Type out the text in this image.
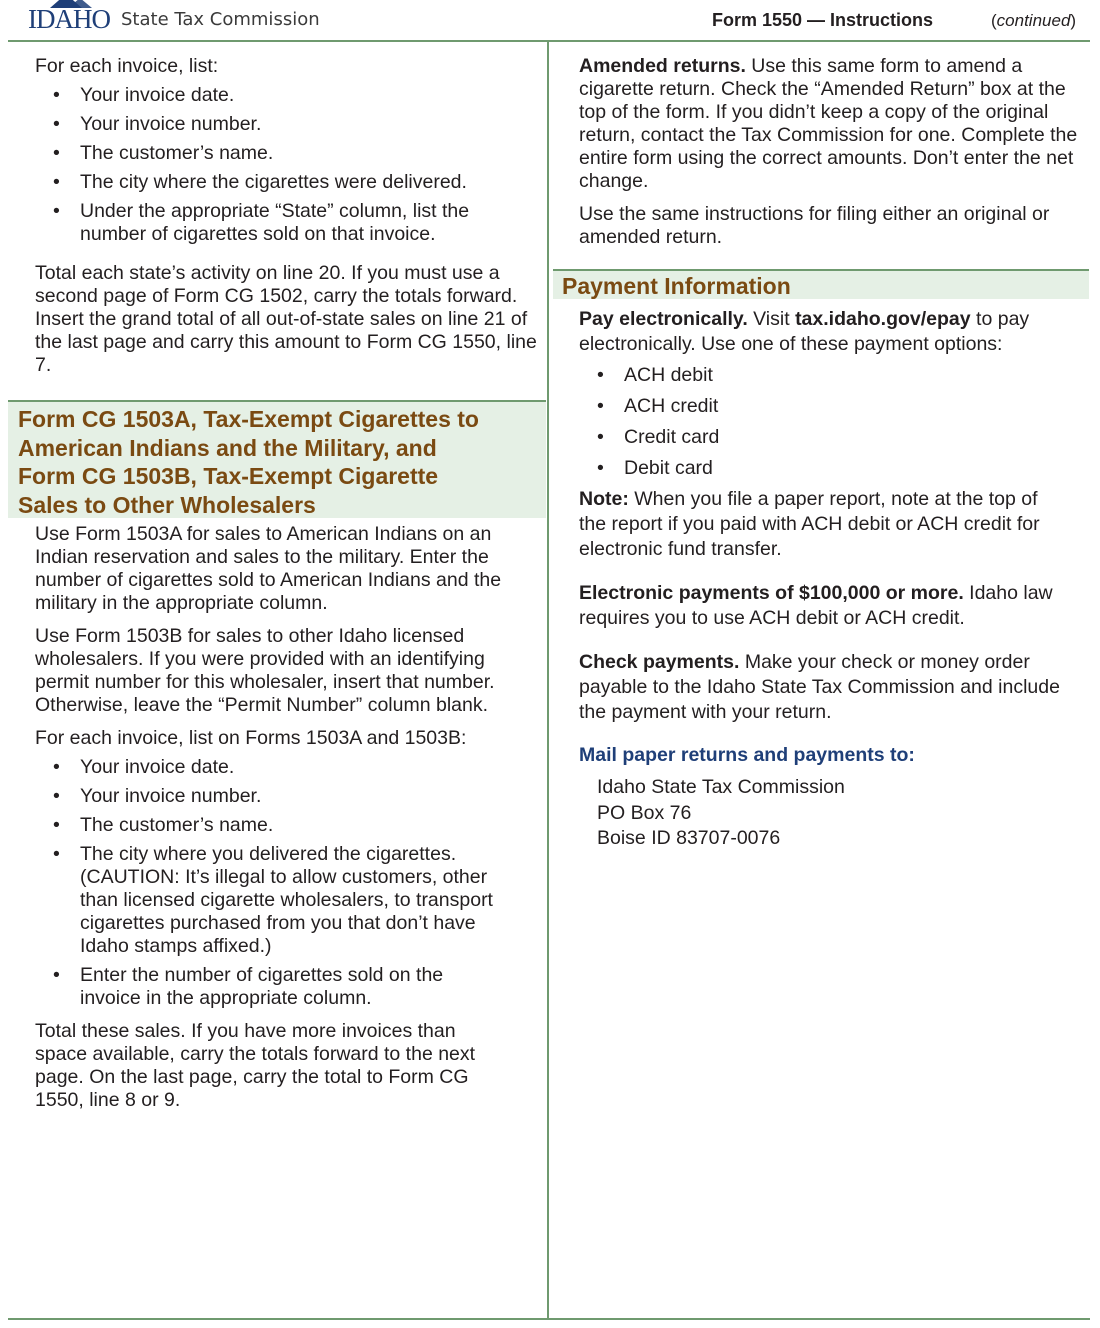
IDAHO State Tax Commission	Form 1550 — Instructions	(continued)

For each invoice, list:

• Your invoice date.
• Your invoice number.
• The customer’s name.
• The city where the cigarettes were delivered.
• Under the appropriate “State” column, list the number of cigarettes sold on that invoice.

Total each state’s activity on line 20. If you must use a second page of Form CG 1502, carry the totals forward. Insert the grand total of all out-of-state sales on line 21 of the last page and carry this amount to Form CG 1550, line 7.

Form CG 1503A, Tax-Exempt Cigarettes to American Indians and the Military, and Form CG 1503B, Tax-Exempt Cigarette Sales to Other Wholesalers

Use Form 1503A for sales to American Indians on an Indian reservation and sales to the military. Enter the number of cigarettes sold to American Indians and the military in the appropriate column.

Use Form 1503B for sales to other Idaho licensed wholesalers. If you were provided with an identifying permit number for this wholesaler, insert that number. Otherwise, leave the “Permit Number” column blank.

For each invoice, list on Forms 1503A and 1503B:

• Your invoice date.
• Your invoice number.
• The customer’s name.
• The city where you delivered the cigarettes. (CAUTION: It’s illegal to allow customers, other than licensed cigarette wholesalers, to transport cigarettes purchased from you that don’t have Idaho stamps affixed.)
• Enter the number of cigarettes sold on the invoice in the appropriate column.

Total these sales. If you have more invoices than space available, carry the totals forward to the next page. On the last page, carry the total to Form CG 1550, line 8 or 9.

Amended returns. Use this same form to amend a cigarette return. Check the “Amended Return” box at the top of the form. If you didn’t keep a copy of the original return, contact the Tax Commission for one. Complete the entire form using the correct amounts. Don’t enter the net change.

Use the same instructions for filing either an original or amended return.

Payment Information

Pay electronically. Visit tax.idaho.gov/epay to pay electronically. Use one of these payment options:

• ACH debit
• ACH credit
• Credit card
• Debit card

Note: When you file a paper report, note at the top of the report if you paid with ACH debit or ACH credit for electronic fund transfer.

Electronic payments of $100,000 or more. Idaho law requires you to use ACH debit or ACH credit.

Check payments. Make your check or money order payable to the Idaho State Tax Commission and include the payment with your return.

Mail paper returns and payments to:
Idaho State Tax Commission
PO Box 76
Boise ID 83707-0076
